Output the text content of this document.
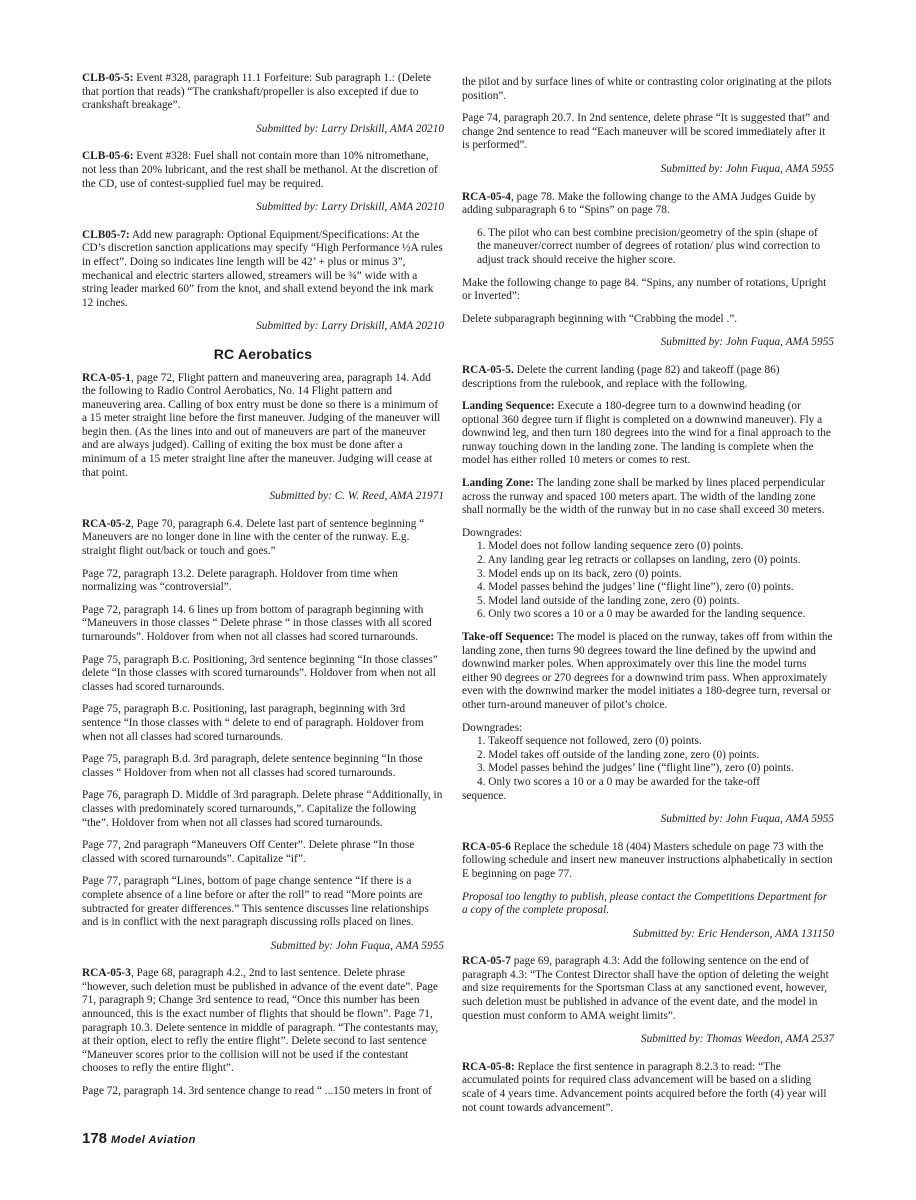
CLB-05-5: Event #328, paragraph 11.1 Forfeiture: Sub paragraph 1.: (Delete that portion that reads) “The crankshaft/propeller is also excepted if due to crankshaft breakage”.

Submitted by: Larry Driskill, AMA 20210

CLB-05-6: Event #328: Fuel shall not contain more than 10% nitromethane, not less than 20% lubricant, and the rest shall be methanol. At the discretion of the CD, use of contest-supplied fuel may be required.

Submitted by: Larry Driskill, AMA 20210

CLB05-7: Add new paragraph: Optional Equipment/Specifications: At the CD’s discretion sanction applications may specify “High Performance ½A rules in effect”. Doing so indicates line length will be 42’ + plus or minus 3”, mechanical and electric starters allowed, streamers will be ¾” wide with a string leader marked 60” from the knot, and shall extend beyond the ink mark 12 inches.

Submitted by: Larry Driskill, AMA 20210
RC Aerobatics

RCA-05-1, page 72, Flight pattern and maneuvering area, paragraph 14. Add the following to Radio Control Aerobatics, No. 14 Flight pattern and maneuvering area. Calling of box entry must be done so there is a minimum of a 15 meter straight line before the first maneuver. Judging of the maneuver will begin then. (As the lines into and out of maneuvers are part of the maneuver and are always judged). Calling of exiting the box must be done after a minimum of a 15 meter straight line after the maneuver. Judging will cease at that point.

Submitted by: C. W. Reed, AMA 21971

RCA-05-2, Page 70, paragraph 6.4. Delete last part of sentence beginning “ Maneuvers are no longer done in line with the center of the runway. E.g. straight flight out/back or touch and goes.”

Page 72, paragraph 13.2. Delete paragraph. Holdover from time when normalizing was “controversial”.

Page 72, paragraph 14. 6 lines up from bottom of paragraph beginning with “Maneuvers in those classes “ Delete phrase “ in those classes with all scored turnarounds”. Holdover from when not all classes had scored turnarounds.

Page 75, paragraph B.c. Positioning, 3rd sentence beginning “In those classes” delete “In those classes with scored turnarounds”. Holdover from when not all classes had scored turnarounds.

Page 75, paragraph B.c. Positioning, last paragraph, beginning with 3rd sentence “In those classes with “ delete to end of paragraph. Holdover from when not all classes had scored turnarounds.

Page 75, paragraph B.d. 3rd paragraph, delete sentence beginning “In those classes “ Holdover from when not all classes had scored turnarounds.

Page 76, paragraph D. Middle of 3rd paragraph. Delete phrase “Additionally, in classes with predominately scored turnarounds,”. Capitalize the following “the”. Holdover from when not all classes had scored turnarounds.

Page 77, 2nd paragraph “Maneuvers Off Center”. Delete phrase “In those classed with scored turnarounds”. Capitalize “if”.

Page 77, paragraph “Lines, bottom of page change sentence “If there is a complete absence of a line before or after the roll” to read “More points are subtracted for greater differences.” This sentence discusses line relationships and is in conflict with the next paragraph discussing rolls placed on lines.

Submitted by: John Fuqua, AMA 5955

RCA-05-3, Page 68, paragraph 4.2., 2nd to last sentence. Delete phrase “however, such deletion must be published in advance of the event date”. Page 71, paragraph 9; Change 3rd sentence to read, “Once this number has been announced, this is the exact number of flights that should be flown”. Page 71, paragraph 10.3. Delete sentence in middle of paragraph. “The contestants may, at their option, elect to refly the entire flight”. Delete second to last sentence “Maneuver scores prior to the collision will not be used if the contestant chooses to refly the entire flight”.

Page 72, paragraph 14. 3rd sentence change to read “ ...150 meters in front of

the pilot and by surface lines of white or contrasting color originating at the pilots position”.

Page 74, paragraph 20.7. In 2nd sentence, delete phrase “It is suggested that” and change 2nd sentence to read “Each maneuver will be scored immediately after it is performed”.

Submitted by: John Fuqua, AMA 5955

RCA-05-4, page 78. Make the following change to the AMA Judges Guide by adding subparagraph 6 to “Spins” on page 78.

6. The pilot who can best combine precision/geometry of the spin (shape of the maneuver/correct number of degrees of rotation/ plus wind correction to adjust track should receive the higher score.

Make the following change to page 84. “Spins, any number of rotations, Upright or Inverted”:

Delete subparagraph beginning with “Crabbing the model .”.

Submitted by: John Fuqua, AMA 5955

RCA-05-5. Delete the current landing (page 82) and takeoff (page 86) descriptions from the rulebook, and replace with the following.

Landing Sequence: Execute a 180-degree turn to a downwind heading (or optional 360 degree turn if flight is completed on a downwind maneuver). Fly a downwind leg, and then turn 180 degrees into the wind for a final approach to the runway touching down in the landing zone. The landing is complete when the model has either rolled 10 meters or comes to rest.

Landing Zone: The landing zone shall be marked by lines placed perpendicular across the runway and spaced 100 meters apart. The width of the landing zone shall normally be the width of the runway but in no case shall exceed 30 meters.

Downgrades:
1. Model does not follow landing sequence zero (0) points.
2. Any landing gear leg retracts or collapses on landing, zero (0) points.
3. Model ends up on its back, zero (0) points.
4. Model passes behind the judges’ line (“flight line”), zero (0) points.
5. Model land outside of the landing zone, zero (0) points.
6. Only two scores a 10 or a 0 may be awarded for the landing sequence.

Take-off Sequence: The model is placed on the runway, takes off from within the landing zone, then turns 90 degrees toward the line defined by the upwind and downwind marker poles. When approximately over this line the model turns either 90 degrees or 270 degrees for a downwind trim pass. When approximately even with the downwind marker the model initiates a 180-degree turn, reversal or other turn-around maneuver of pilot’s choice.

Downgrades:
1. Takeoff sequence not followed, zero (0) points.
2. Model takes off outside of the landing zone, zero (0) points.
3. Model passes behind the judges’ line (“flight line”), zero (0) points.
4. Only two scores a 10 or a 0 may be awarded for the take-off
sequence.
Submitted by: John Fuqua, AMA 5955

RCA-05-6 Replace the schedule 18 (404) Masters schedule on page 73 with the following schedule and insert new maneuver instructions alphabetically in section E beginning on page 77.

Proposal too lengthy to publish, please contact the Competitions Department for a copy of the complete proposal.

Submitted by: Eric Henderson, AMA 131150

RCA-05-7 page 69, paragraph 4.3: Add the following sentence on the end of paragraph 4.3: “The Contest Director shall have the option of deleting the weight and size requirements for the Sportsman Class at any sanctioned event, however, such deletion must be published in advance of the event date, and the model in question must conform to AMA weight limits”.

Submitted by: Thomas Weedon, AMA 2537

RCA-05-8: Replace the first sentence in paragraph 8.2.3 to read: “The accumulated points for required class advancement will be based on a sliding scale of 4 years time. Advancement points acquired before the forth (4) year will not count towards advancement”.

178 Model Aviation
